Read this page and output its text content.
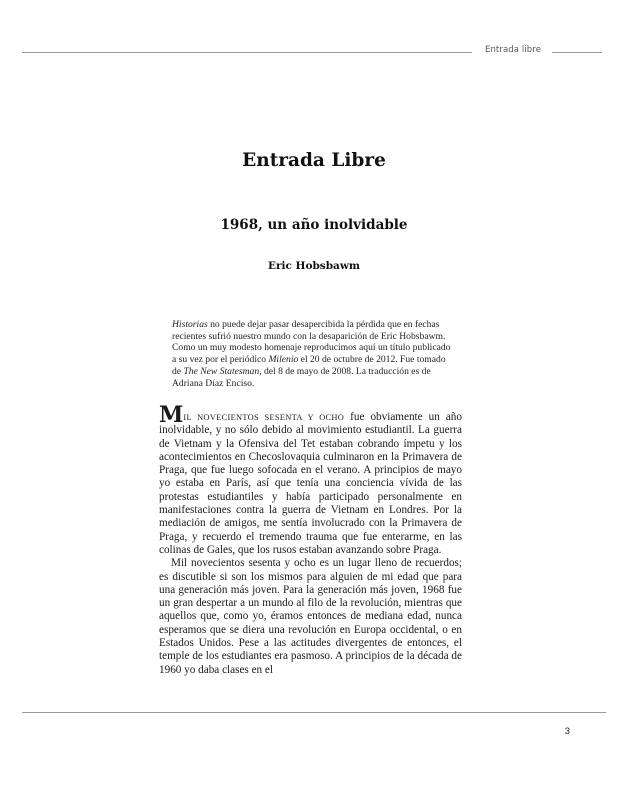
Entrada libre
Entrada Libre
1968, un año inolvidable
Eric Hobsbawm

Historias no puede dejar pasar desapercibida la pérdida que en fechas recientes sufrió nuestro mundo con la desaparición de Eric Hobsbawm. Como un muy modesto homenaje reproducimos aquí un título publicado a su vez por el periódico Milenio el 20 de octubre de 2012. Fue tomado de The New Statesman, del 8 de mayo de 2008. La traducción es de Adriana Díaz Enciso.

MIL NOVECIENTOS SESENTA Y OCHO fue obviamente un año inolvidable, y no sólo debido al movimiento estudiantil. La guerra de Vietnam y la Ofensiva del Tet estaban cobrando ímpetu y los acontecimientos en Checoslovaquia culminaron en la Primavera de Praga, que fue luego sofocada en el verano. A principios de mayo yo estaba en París, así que tenía una conciencia vívida de las protestas estudiantiles y había participado personalmente en manifestaciones contra la guerra de Vietnam en Londres. Por la mediación de amigos, me sentía involucrado con la Primavera de Praga, y recuerdo el tremendo trauma que fue enterarme, en las colinas de Gales, que los rusos estaban avanzando sobre Praga.

Mil novecientos sesenta y ocho es un lugar lleno de recuerdos; es discutible si son los mismos para alguien de mi edad que para una generación más joven. Para la generación más joven, 1968 fue un gran despertar a un mundo al filo de la revolución, mientras que aquellos que, como yo, éramos entonces de mediana edad, nunca esperamos que se diera una revolución en Europa occidental, o en Estados Unidos. Pese a las actitudes divergentes de entonces, el temple de los estudiantes era pasmoso. A principios de la década de 1960 yo daba clases en el

3
